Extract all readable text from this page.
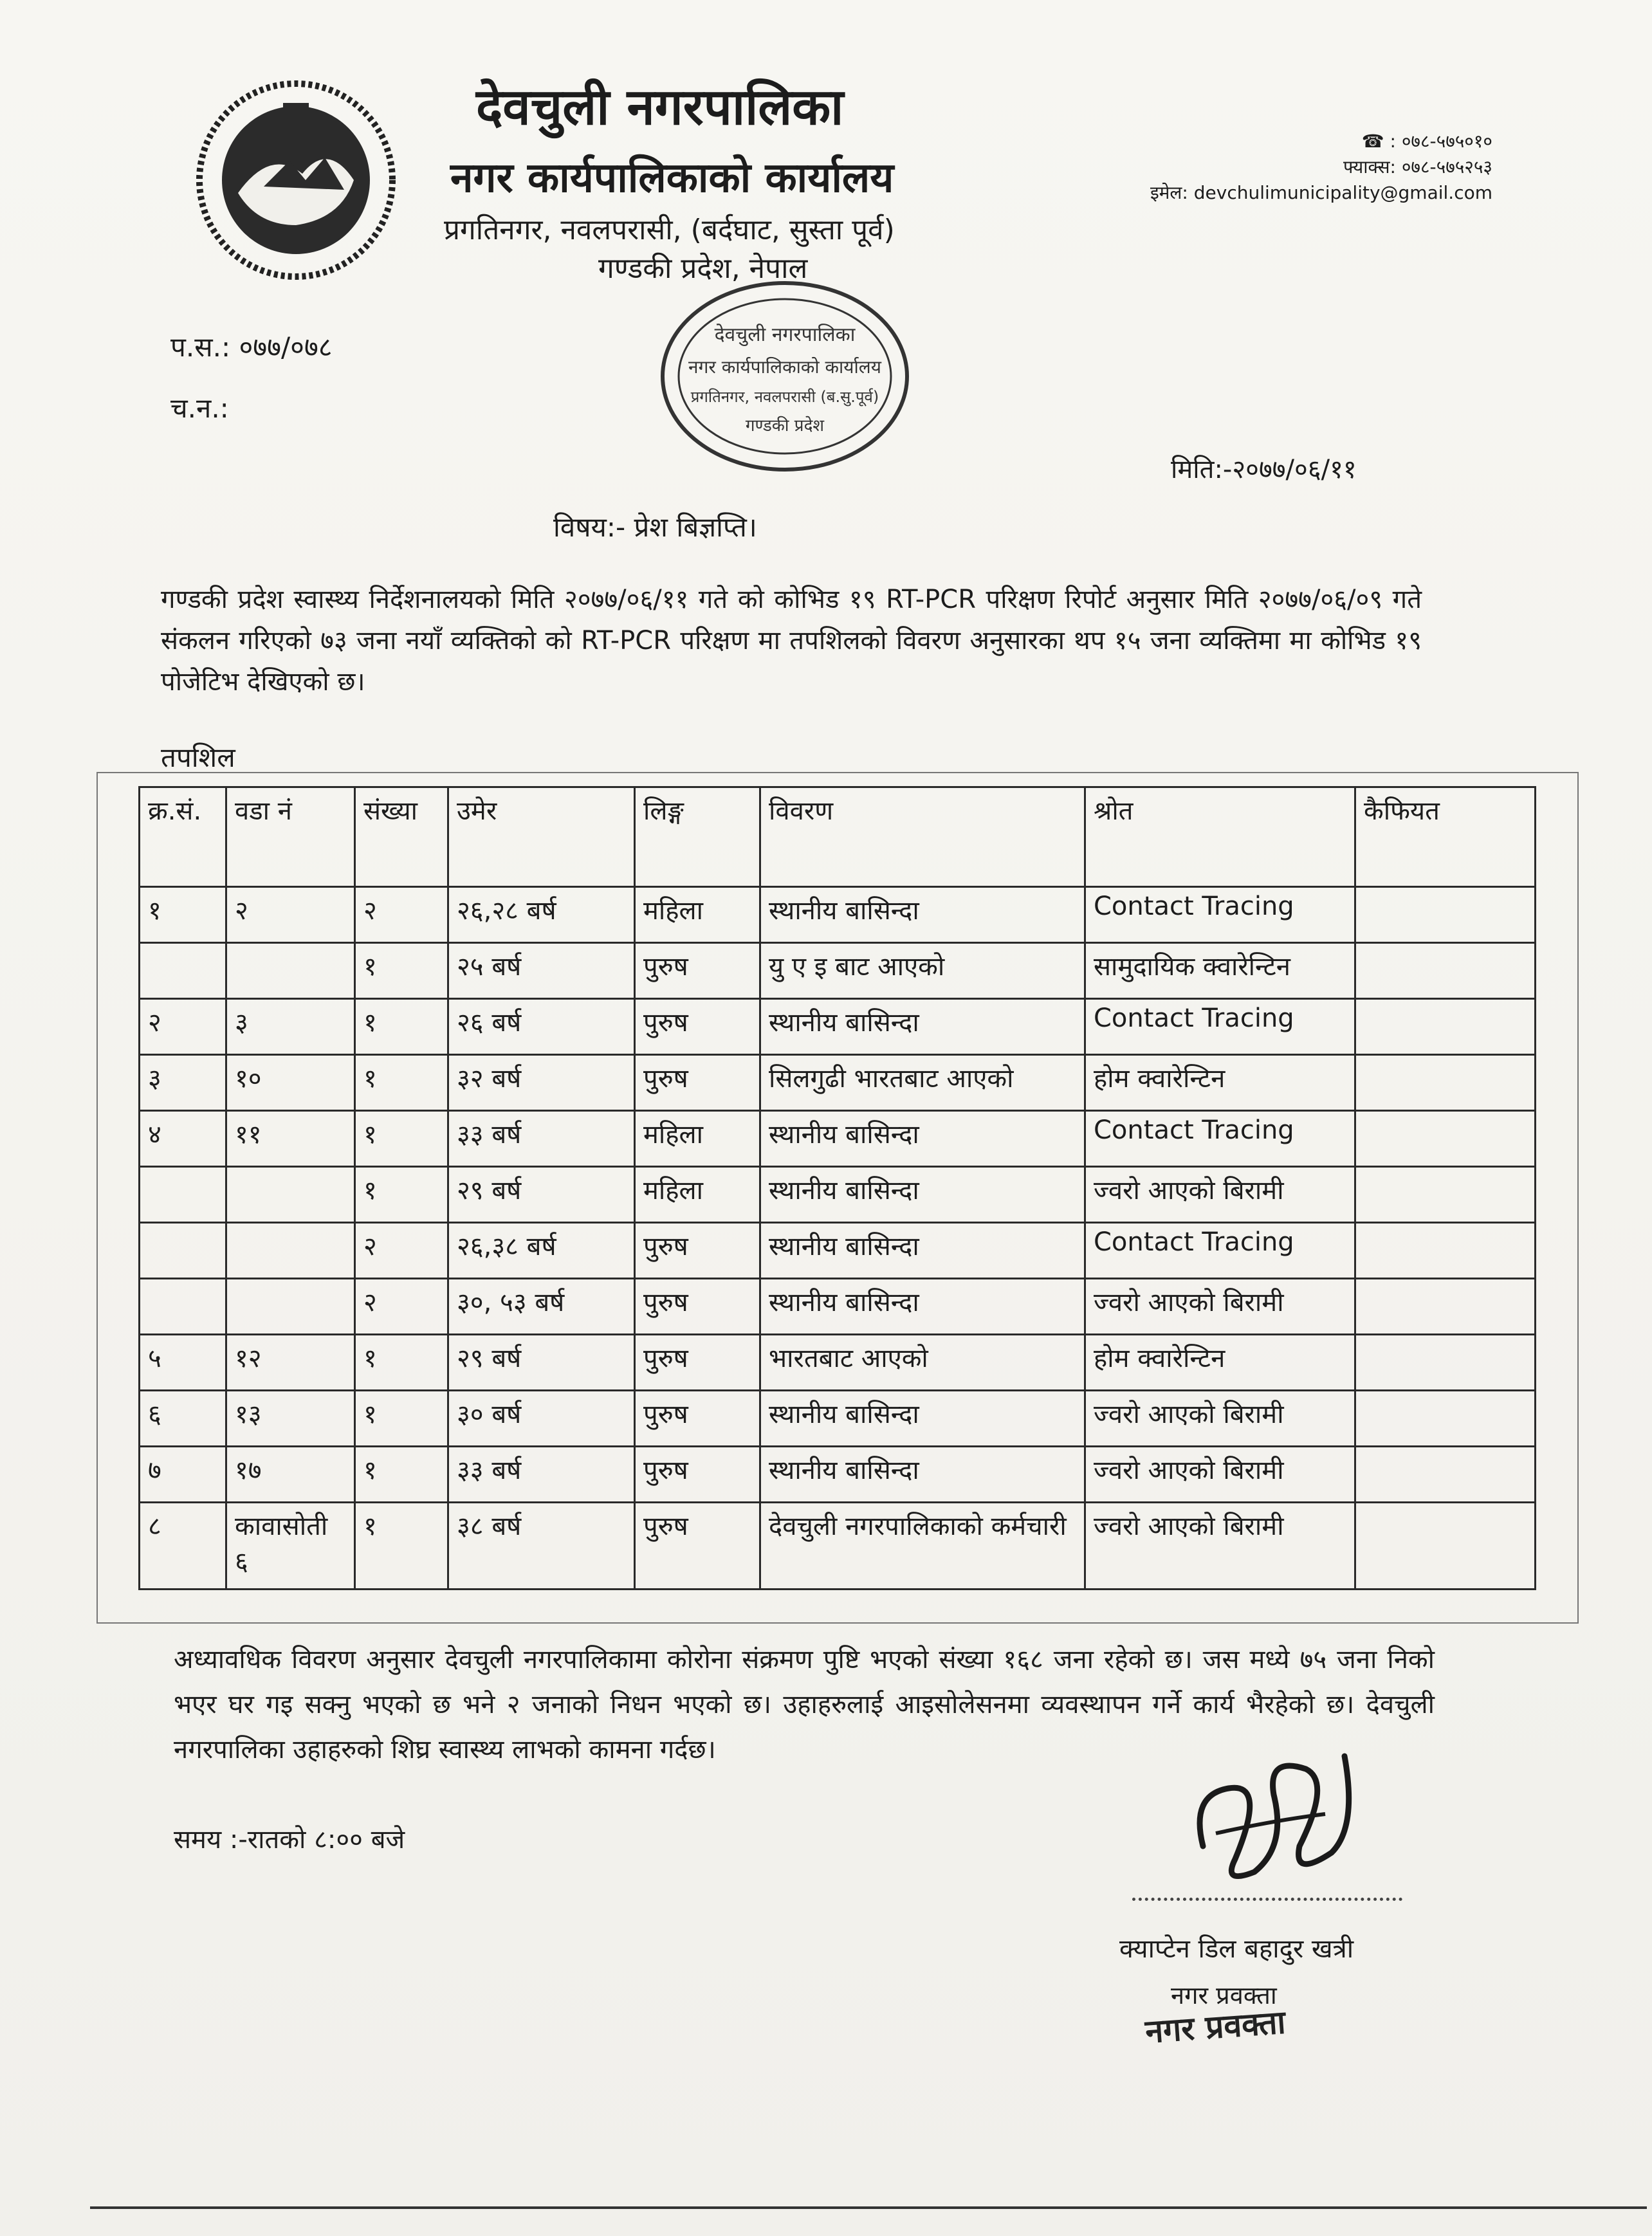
देवचुली नगरपालिका
नगर कार्यपालिकाको कार्यालय
प्रगतिनगर, नवलपरासी, (बर्दघाट, सुस्ता पूर्व)
गण्डकी प्रदेश, नेपाल
☎ : ०७८-५७५०१०
फ्याक्स: ०७८-५७५२५३
इमेल: devchulimunicipality@gmail.com
प.स.: ०७७/०७८
च.न.:
देवचुली नगरपालिका
नगर कार्यपालिकाको कार्यालय
प्रगतिनगर, नवलपरासी (ब.सु.पूर्व)
गण्डकी प्रदेश
मिति:-२०७७/०६/११
विषय:- प्रेश बिज्ञप्ति।
गण्डकी प्रदेश स्वास्थ्य निर्देशनालयको मिति २०७७/०६/११ गते को कोभिड १९ RT-PCR परिक्षण रिपोर्ट अनुसार मिति २०७७/०६/०९ गते संकलन गरिएको ७३ जना नयाँ व्यक्तिको को RT-PCR परिक्षण मा तपशिलको विवरण अनुसारका थप १५ जना व्यक्तिमा मा कोभिड १९ पोजेटिभ देखिएको छ।
तपशिल
क्र.सं.	वडा नं	संख्या	उमेर	लिङ्ग	विवरण	श्रोत	कैफियत
१	२	२	२६,२८ बर्ष	महिला	स्थानीय बासिन्दा	Contact Tracing	
		१	२५ बर्ष	पुरुष	यु ए इ बाट आएको	सामुदायिक क्वारेन्टिन	
२	३	१	२६ बर्ष	पुरुष	स्थानीय बासिन्दा	Contact Tracing	
३	१०	१	३२ बर्ष	पुरुष	सिलगुढी भारतबाट आएको	होम क्वारेन्टिन	
४	११	१	३३ बर्ष	महिला	स्थानीय बासिन्दा	Contact Tracing	
		१	२९ बर्ष	महिला	स्थानीय बासिन्दा	ज्वरो आएको बिरामी	
		२	२६,३८ बर्ष	पुरुष	स्थानीय बासिन्दा	Contact Tracing	
		२	३०, ५३ बर्ष	पुरुष	स्थानीय बासिन्दा	ज्वरो आएको बिरामी	
५	१२	१	२९ बर्ष	पुरुष	भारतबाट आएको	होम क्वारेन्टिन	
६	१३	१	३० बर्ष	पुरुष	स्थानीय बासिन्दा	ज्वरो आएको बिरामी	
७	१७	१	३३ बर्ष	पुरुष	स्थानीय बासिन्दा	ज्वरो आएको बिरामी	
८	कावासोती ६	१	३८ बर्ष	पुरुष	देवचुली नगरपालिकाको कर्मचारी	ज्वरो आएको बिरामी	
अध्यावधिक विवरण अनुसार देवचुली नगरपालिकामा कोरोना संक्रमण पुष्टि भएको संख्या १६८ जना रहेको छ। जस मध्ये ७५ जना निको भएर घर गइ सक्नु भएको छ भने २ जनाको निधन भएको छ। उहाहरुलाई आइसोलेसनमा व्यवस्थापन गर्ने कार्य भैरहेको छ। देवचुली नगरपालिका उहाहरुको शिघ्र स्वास्थ्य लाभको कामना गर्दछ।
समय :-रातको ८:०० बजे
क्याप्टेन डिल बहादुर खत्री
नगर प्रवक्ता
नगर प्रवक्ता
